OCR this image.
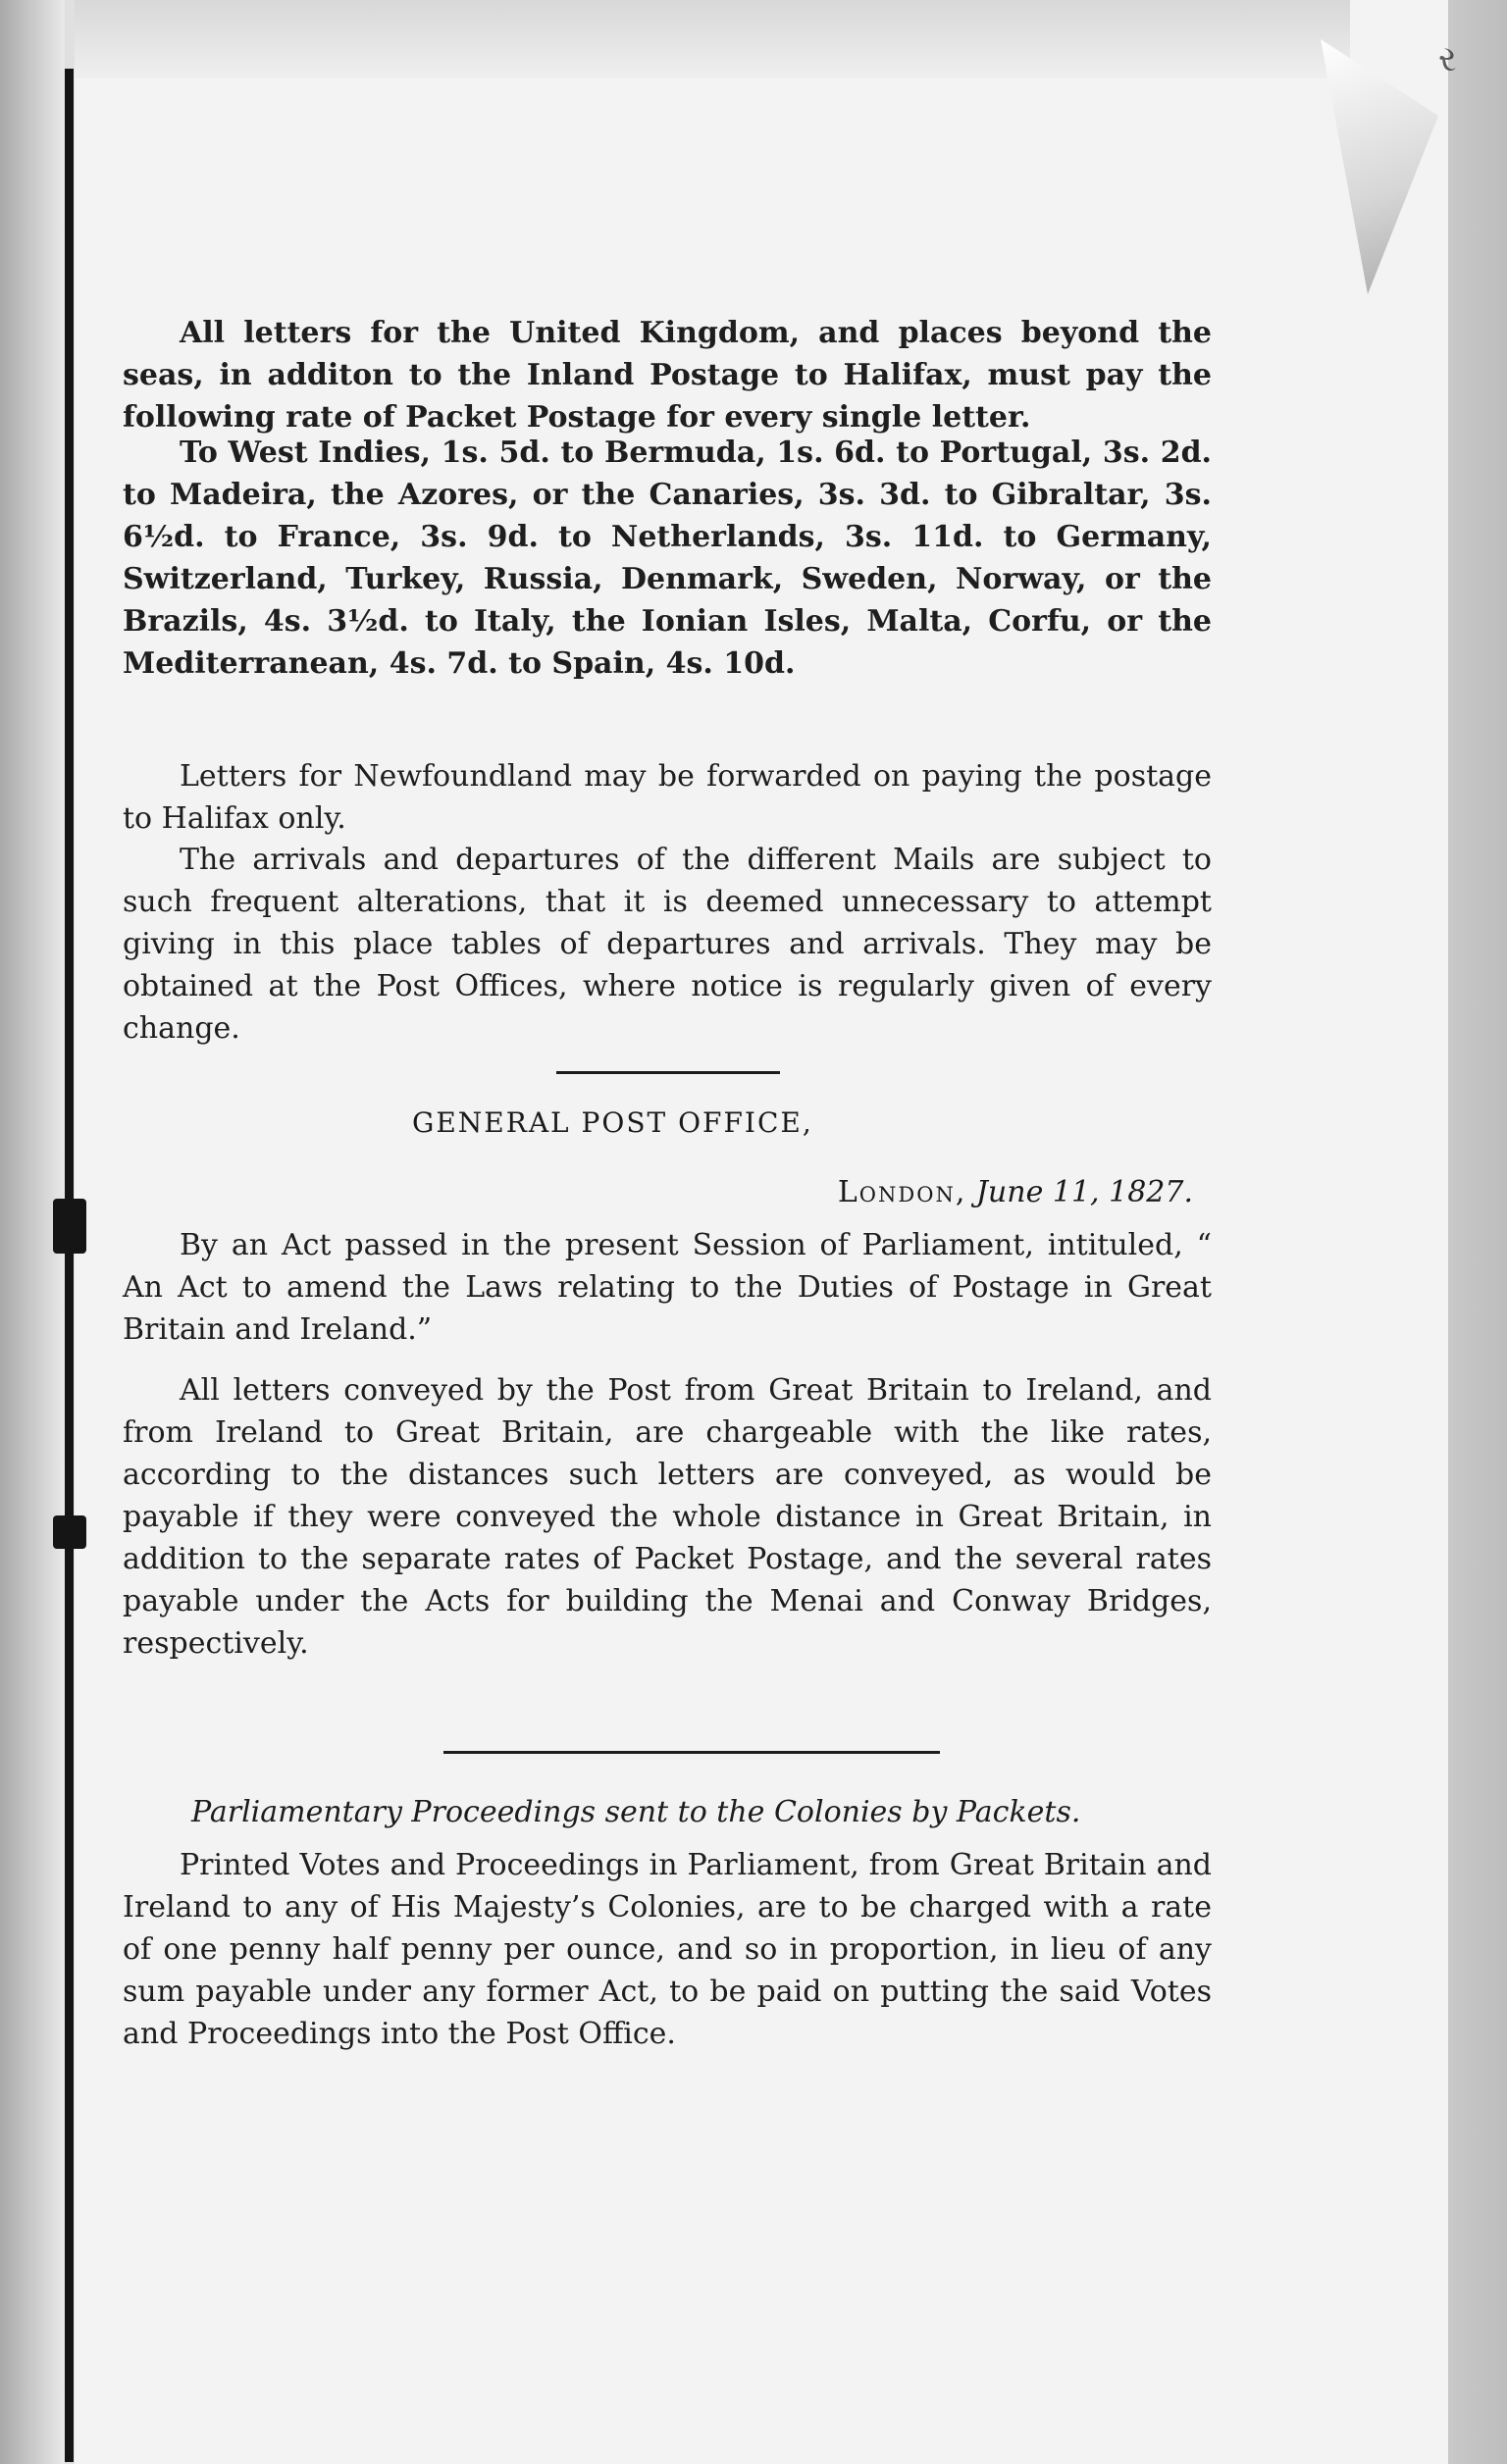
ર

All letters for the United Kingdom, and places beyond the seas, in additon to the Inland Postage to Halifax, must pay the following rate of Packet Postage for every single letter.

To West Indies, 1s. 5d. to Bermuda, 1s. 6d. to Portugal, 3s. 2d. to Madeira, the Azores, or the Canaries, 3s. 3d. to Gibraltar, 3s. 6½d. to France, 3s. 9d. to Netherlands, 3s. 11d. to Germany, Switzerland, Turkey, Russia, Denmark, Sweden, Norway, or the Brazils, 4s. 3½d. to Italy, the Ionian Isles, Malta, Corfu, or the Mediterranean, 4s. 7d. to Spain, 4s. 10d.

Letters for Newfoundland may be forwarded on paying the postage to Halifax only.

The arrivals and departures of the different Mails are subject to such frequent alterations, that it is deemed unnecessary to attempt giving in this place tables of departures and arrivals. They may be obtained at the Post Offices, where notice is regularly given of every change.

GENERAL POST OFFICE,
London, June 11, 1827.

By an Act passed in the present Session of Parliament, intituled, “ An Act to amend the Laws relating to the Duties of Postage in Great Britain and Ireland.”

All letters conveyed by the Post from Great Britain to Ireland, and from Ireland to Great Britain, are chargeable with the like rates, according to the distances such letters are conveyed, as would be payable if they were conveyed the whole distance in Great Britain, in addition to the separate rates of Packet Postage, and the several rates payable under the Acts for building the Menai and Conway Bridges, respectively.

Parliamentary Proceedings sent to the Colonies by Packets.

Printed Votes and Proceedings in Parliament, from Great Britain and Ireland to any of His Majesty’s Colonies, are to be charged with a rate of one penny half penny per ounce, and so in proportion, in lieu of any sum payable under any former Act, to be paid on putting the said Votes and Proceedings into the Post Office.
